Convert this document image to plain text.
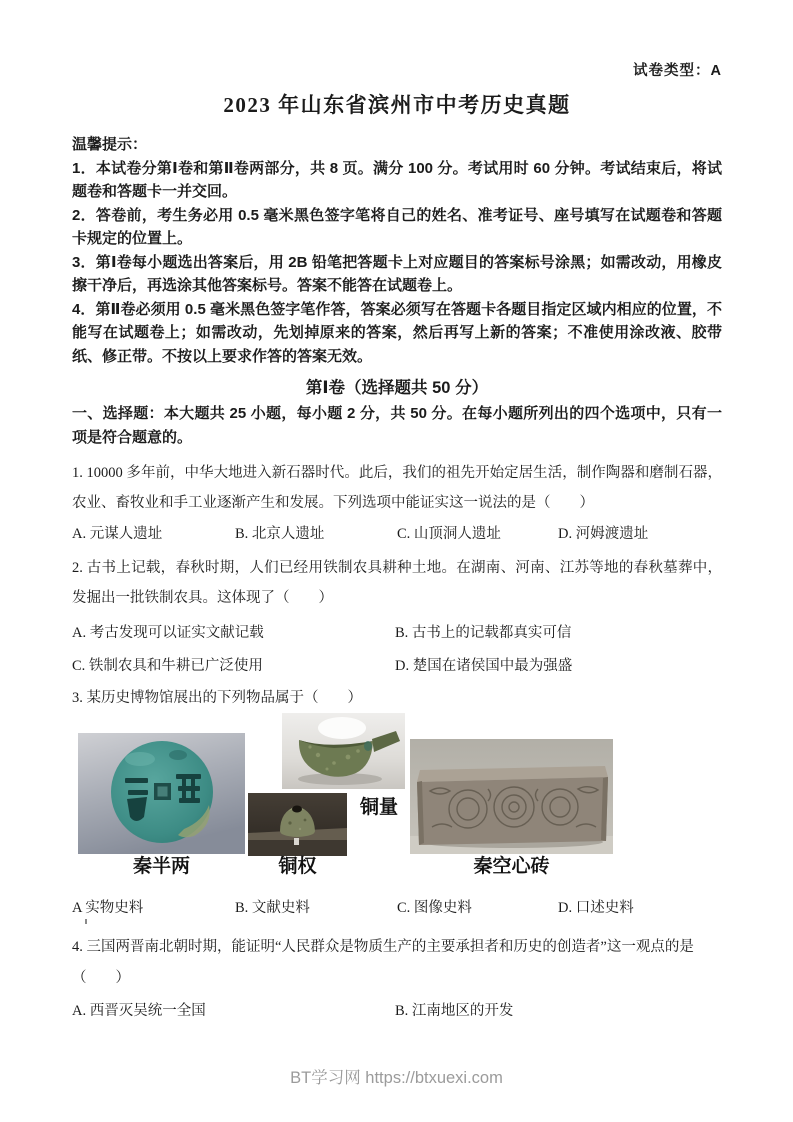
试卷类型：A
2023 年山东省滨州市中考历史真题

温馨提示：

1．本试卷分第Ⅰ卷和第Ⅱ卷两部分，共 8 页。满分 100 分。考试用时 60 分钟。考试结束后，将试题卷和答题卡一并交回。

2．答卷前，考生务必用 0.5 毫米黑色签字笔将自己的姓名、准考证号、座号填写在试题卷和答题卡规定的位置上。

3．第Ⅰ卷每小题选出答案后，用 2B 铅笔把答题卡上对应题目的答案标号涂黑；如需改动，用橡皮擦干净后，再选涂其他答案标号。答案不能答在试题卷上。

4．第Ⅱ卷必须用 0.5 毫米黑色签字笔作答，答案必须写在答题卡各题目指定区域内相应的位置，不能写在试题卷上；如需改动，先划掉原来的答案，然后再写上新的答案；不准使用涂改液、胶带纸、修正带。不按以上要求作答的答案无效。

第Ⅰ卷（选择题共 50 分）
一、选择题：本大题共 25 小题，每小题 2 分，共 50 分。在每小题所列出的四个选项中，只有一项是符合题意的。

1. 10000 多年前，中华大地进入新石器时代。此后，我们的祖先开始定居生活，制作陶器和磨制石器，农业、畜牧业和手工业逐渐产生和发展。下列选项中能证实这一说法的是（　　）

A. 元谋人遗址	B. 北京人遗址	C. 山顶洞人遗址	D. 河姆渡遗址

2. 古书上记载，春秋时期，人们已经用铁制农具耕种土地。在湖南、河南、江苏等地的春秋墓葬中，发掘出一批铁制农具。这体现了（　　）

A. 考古发现可以证实文献记载	B. 古书上的记载都真实可信
C. 铁制农具和牛耕已广泛使用	D. 楚国在诸侯国中最为强盛

3. 某历史博物馆展出的下列物品属于（　　）

秦半两
铜量
铜权	秦空心砖
A 实物史料	B. 文献史料	C. 图像史料	D. 口述史料

4. 三国两晋南北朝时期，能证明“人民群众是物质生产的主要承担者和历史的创造者”这一观点的是
（　　）

A. 西晋灭吴统一全国	B. 江南地区的开发
BT学习网 https://btxuexi.com
